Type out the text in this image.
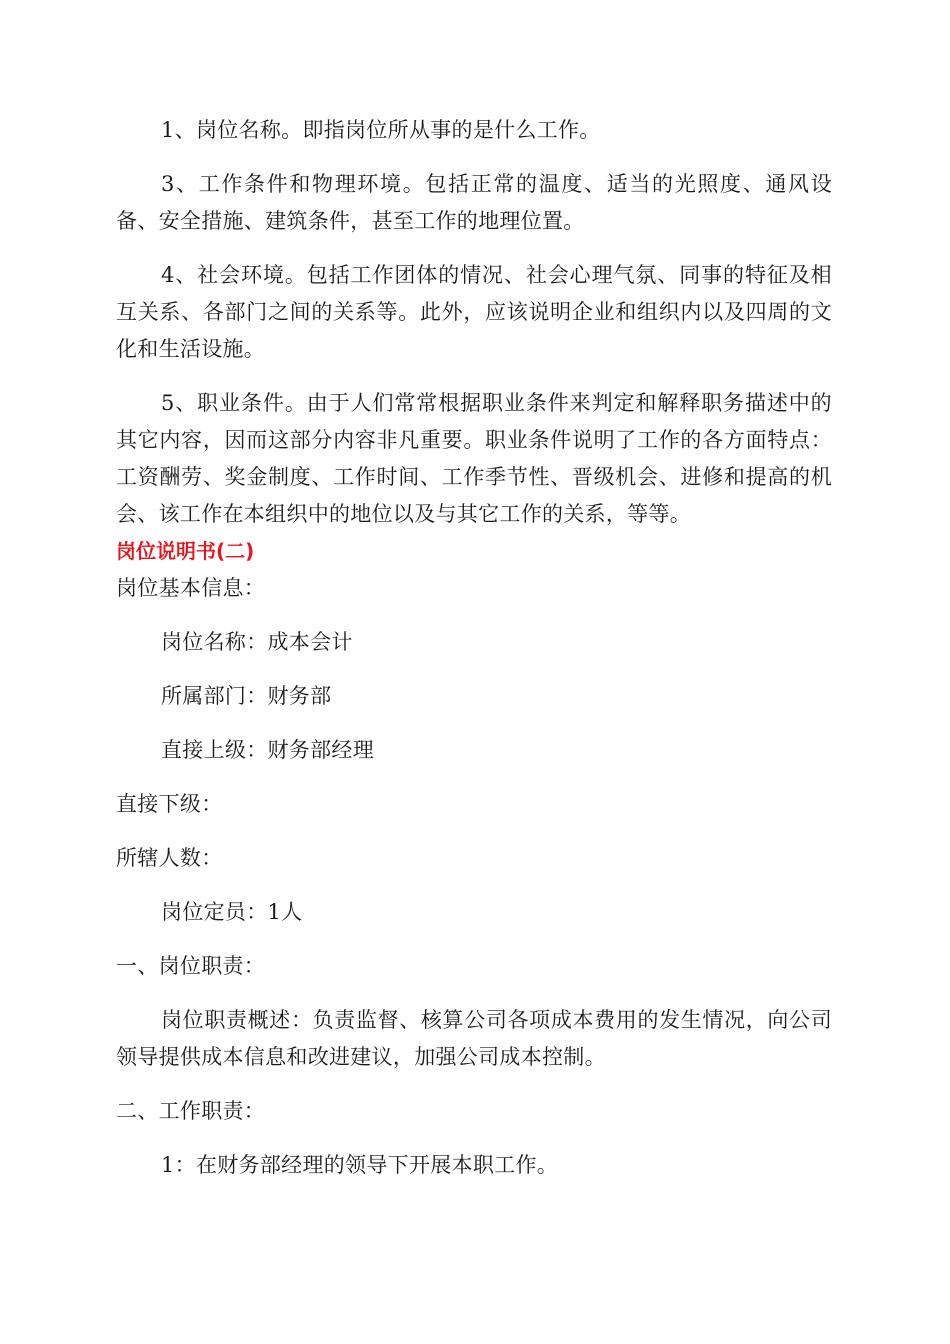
1、岗位名称。即指岗位所从事的是什么工作。

3、工作条件和物理环境。包括正常的温度、适当的光照度、通风设备、安全措施、建筑条件，甚至工作的地理位置。

4、社会环境。包括工作团体的情况、社会心理气氛、同事的特征及相互关系、各部门之间的关系等。此外，应该说明企业和组织内以及四周的文化和生活设施。

5、职业条件。由于人们常常根据职业条件来判定和解释职务描述中的其它内容，因而这部分内容非凡重要。职业条件说明了工作的各方面特点：工资酬劳、奖金制度、工作时间、工作季节性、晋级机会、进修和提高的机会、该工作在本组织中的地位以及与其它工作的关系，等等。

岗位说明书(二)

岗位基本信息：

岗位名称：成本会计

所属部门：财务部

直接上级：财务部经理

直接下级：

所辖人数：

岗位定员：1人

一、岗位职责：

岗位职责概述：负责监督、核算公司各项成本费用的发生情况，向公司领导提供成本信息和改进建议，加强公司成本控制。

二、工作职责：

1：在财务部经理的领导下开展本职工作。
